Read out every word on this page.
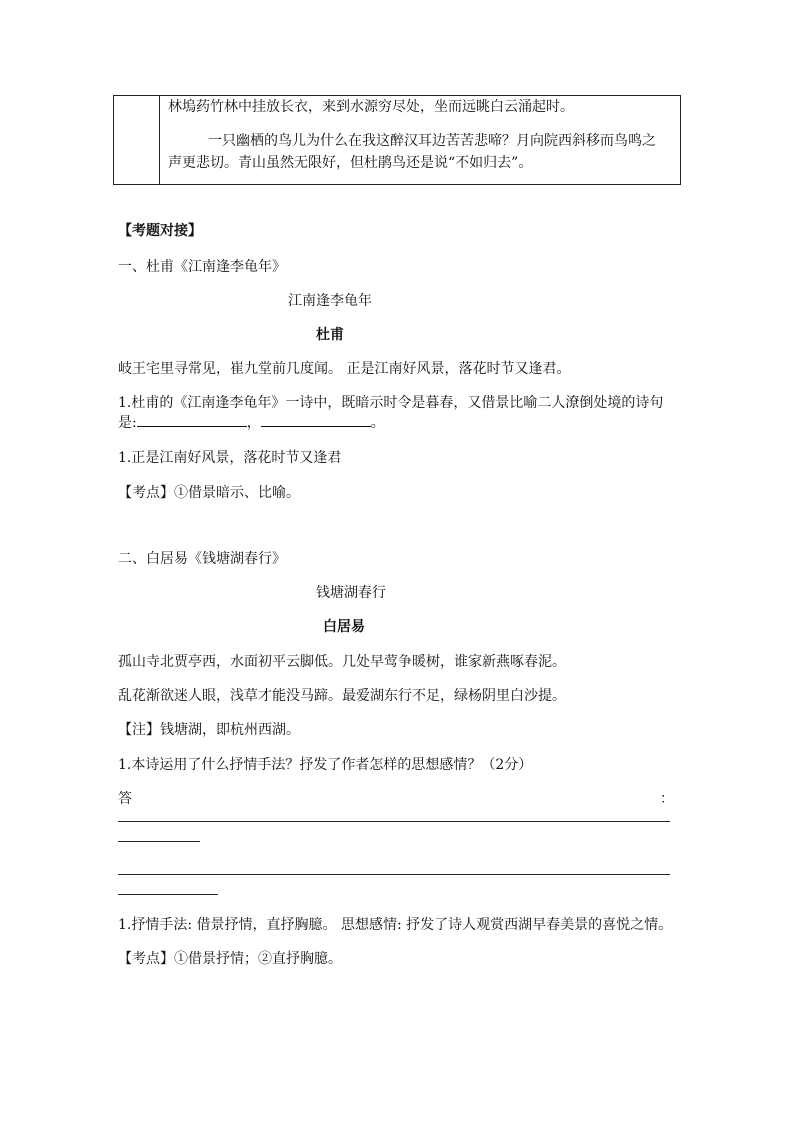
林塢药竹林中挂放长衣，来到水源穷尽处，坐而远眺白云涌起时。
一只幽栖的鸟儿为什么在我这醉汉耳边苦苦悲啼？月向院西斜移而鸟鸣之
声更悲切。青山虽然无限好，但杜鹃鸟还是说“不如归去”。
【考题对接】
一、杜甫《江南逢李龟年》
江南逢李龟年
杜甫
岐王宅里寻常见，崔九堂前几度闻。 正是江南好风景，落花时节又逢君。
1.杜甫的《江南逢李龟年》一诗中，既暗示时令是暮春，又借景比喻二人潦倒处境的诗句
是:	，	。
1.正是江南好风景，落花时节又逢君
【考点】①借景暗示、比喻。
二、白居易《钱塘湖春行》
钱塘湖春行
白居易
孤山寺北贾亭西，水面初平云脚低。几处早莺争暖树，谁家新燕啄春泥。
乱花渐欲迷人眼，浅草才能没马蹄。最爱湖东行不足，绿杨阴里白沙提。
【注】钱塘湖，即杭州西湖。
1.本诗运用了什么抒情手法？抒发了作者怎样的思想感情？（2分）
答	：
1.抒情手法: 借景抒情，直抒胸臆。 思想感情: 抒发了诗人观赏西湖早春美景的喜悦之情。
【考点】①借景抒情；②直抒胸臆。
